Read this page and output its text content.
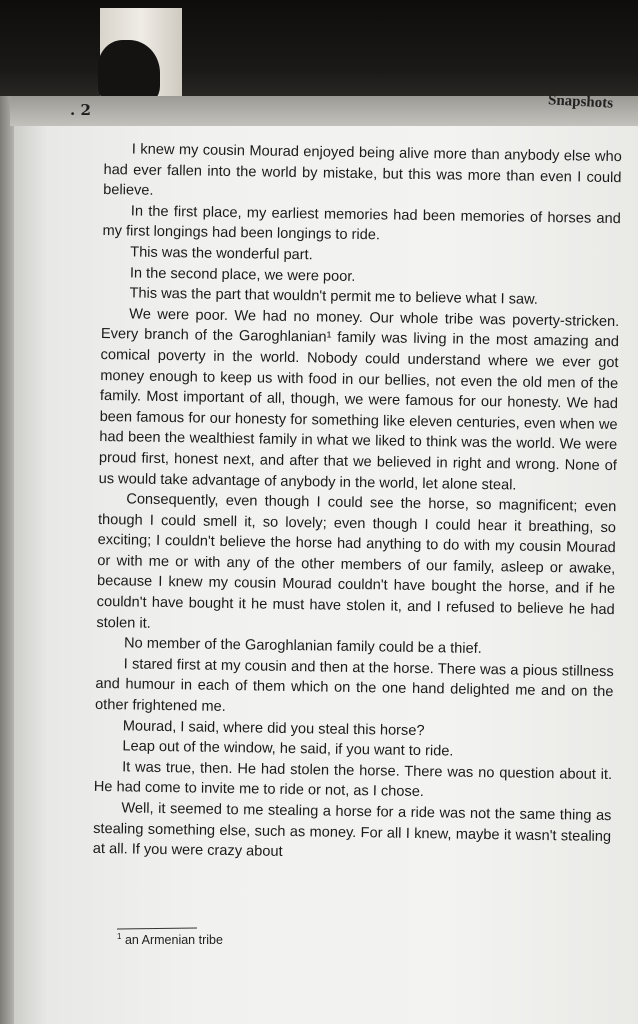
. 2	Snapshots

I knew my cousin Mourad enjoyed being alive more than anybody else who had ever fallen into the world by mistake, but this was more than even I could believe.

In the first place, my earliest memories had been memories of horses and my first longings had been longings to ride.

This was the wonderful part.

In the second place, we were poor.

This was the part that wouldn't permit me to believe what I saw.

We were poor. We had no money. Our whole tribe was poverty-stricken. Every branch of the Garoghlanian¹ family was living in the most amazing and comical poverty in the world. Nobody could understand where we ever got money enough to keep us with food in our bellies, not even the old men of the family. Most important of all, though, we were famous for our honesty. We had been famous for our honesty for something like eleven centuries, even when we had been the wealthiest family in what we liked to think was the world. We were proud first, honest next, and after that we believed in right and wrong. None of us would take advantage of anybody in the world, let alone steal.

Consequently, even though I could see the horse, so magnificent; even though I could smell it, so lovely; even though I could hear it breathing, so exciting; I couldn't believe the horse had anything to do with my cousin Mourad or with me or with any of the other members of our family, asleep or awake, because I knew my cousin Mourad couldn't have bought the horse, and if he couldn't have bought it he must have stolen it, and I refused to believe he had stolen it.

No member of the Garoghlanian family could be a thief.

I stared first at my cousin and then at the horse. There was a pious stillness and humour in each of them which on the one hand delighted me and on the other frightened me.

Mourad, I said, where did you steal this horse?

Leap out of the window, he said, if you want to ride.

It was true, then. He had stolen the horse. There was no question about it. He had come to invite me to ride or not, as I chose.

Well, it seemed to me stealing a horse for a ride was not the same thing as stealing something else, such as money. For all I knew, maybe it wasn't stealing at all. If you were crazy about

$^1$ an Armenian tribe
